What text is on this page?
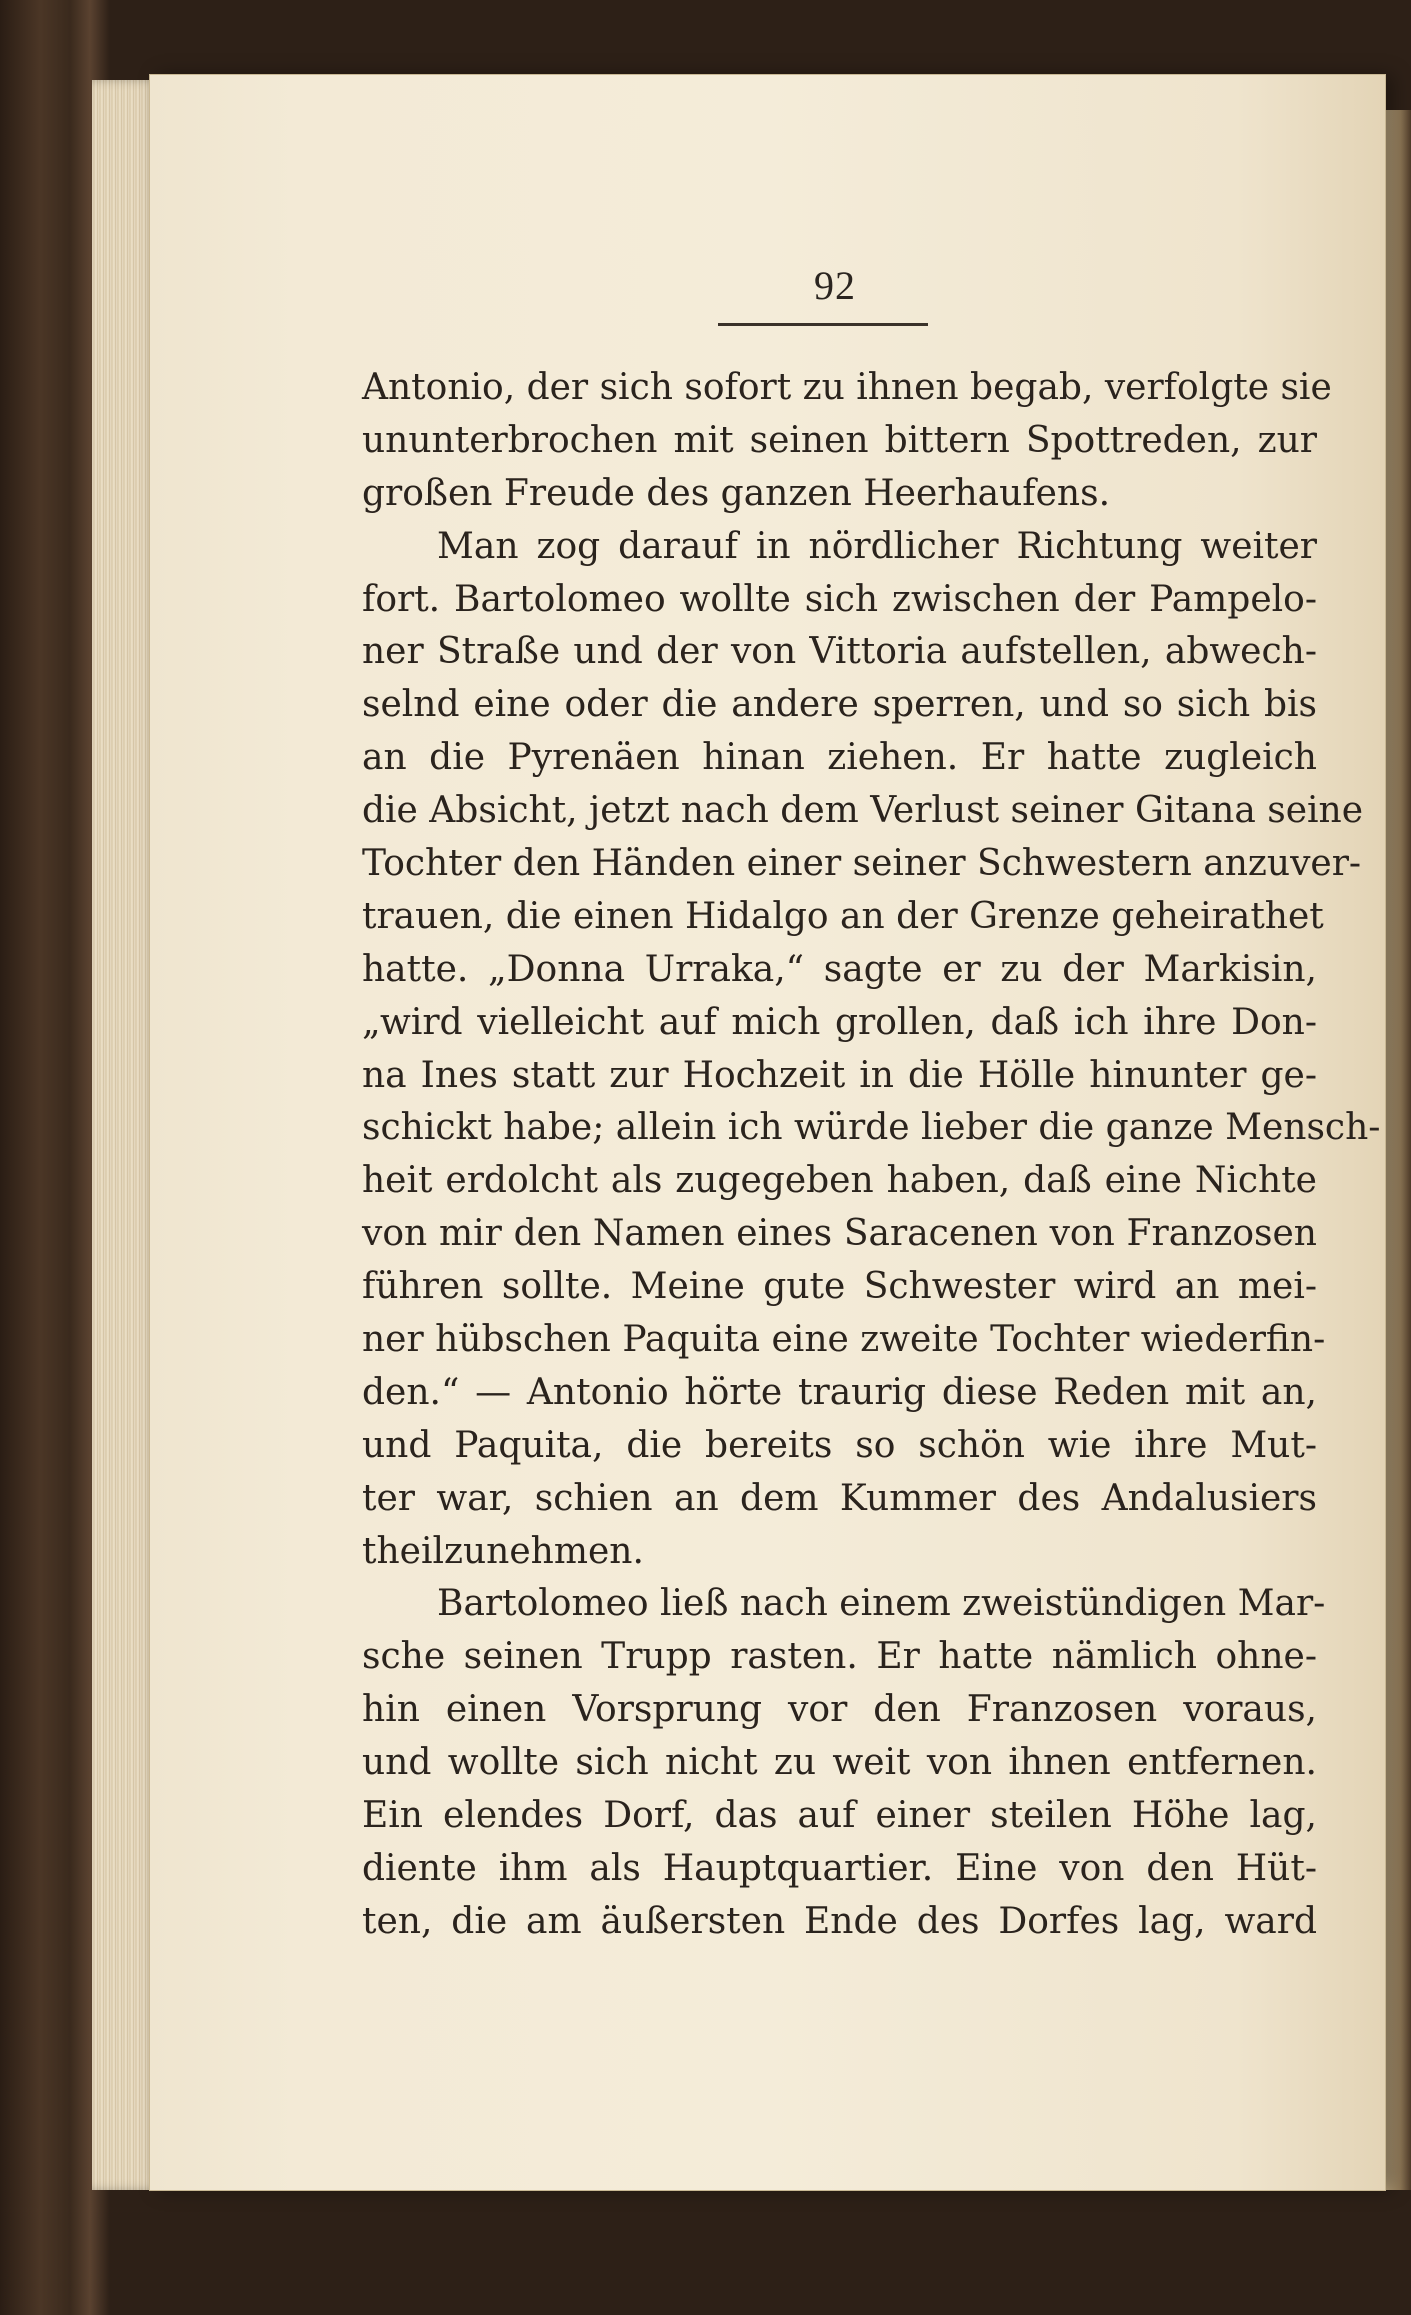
92
Antonio, der sich sofort zu ihnen begab, verfolgte sie
ununterbrochen mit seinen bittern Spottreden, zur
großen Freude des ganzen Heerhaufens.
Man zog darauf in nördlicher Richtung weiter
fort. Bartolomeo wollte sich zwischen der Pampelo-
ner Straße und der von Vittoria aufstellen, abwech-
selnd eine oder die andere sperren, und so sich bis
an die Pyrenäen hinan ziehen. Er hatte zugleich
die Absicht, jetzt nach dem Verlust seiner Gitana seine
Tochter den Händen einer seiner Schwestern anzuver-
trauen, die einen Hidalgo an der Grenze geheirathet
hatte. „Donna Urraka,“ sagte er zu der Markisin,
„wird vielleicht auf mich grollen, daß ich ihre Don-
na Ines statt zur Hochzeit in die Hölle hinunter ge-
schickt habe; allein ich würde lieber die ganze Mensch-
heit erdolcht als zugegeben haben, daß eine Nichte
von mir den Namen eines Saracenen von Franzosen
führen sollte. Meine gute Schwester wird an mei-
ner hübschen Paquita eine zweite Tochter wiederfin-
den.“ — Antonio hörte traurig diese Reden mit an,
und Paquita, die bereits so schön wie ihre Mut-
ter war, schien an dem Kummer des Andalusiers
theilzunehmen.
Bartolomeo ließ nach einem zweistündigen Mar-
sche seinen Trupp rasten. Er hatte nämlich ohne-
hin einen Vorsprung vor den Franzosen voraus,
und wollte sich nicht zu weit von ihnen entfernen.
Ein elendes Dorf, das auf einer steilen Höhe lag,
diente ihm als Hauptquartier. Eine von den Hüt-
ten, die am äußersten Ende des Dorfes lag, ward
